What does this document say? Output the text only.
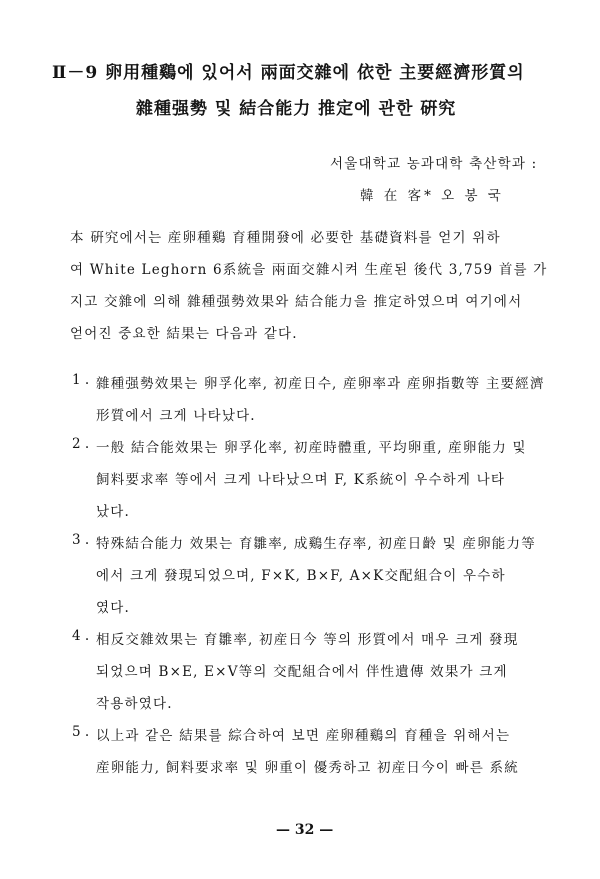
Ⅱ－9 卵用種鷄에 있어서 兩面交雜에 依한 主要經濟形質의
雜種强勢 및 結合能力 推定에 관한 硏究
서울대학교 농과대학 축산학과 :
韓 在 客* 오 봉 국
本 硏究에서는 産卵種鷄 育種開發에 必要한 基礎資料를 얻기 위하
여 White Leghorn 6系統을 兩面交雜시켜 生産된 後代 3,759 首를 가
지고 交雜에 의해 雜種强勢效果와 結合能力을 推定하였으며 여기에서
얻어진 중요한 結果는 다음과 같다.
1 . 雜種强勢效果는 卵孚化率, 初産日수, 産卵率과 産卵指數等 主要經濟
形質에서 크게 나타났다.
2 . 一般 結合能效果는 卵孚化率, 初産時體重, 平均卵重, 産卵能力 및
飼料要求率 等에서 크게 나타났으며 F, K系統이 우수하게 나타
났다.
3 . 特殊結合能力 效果는 育雛率, 成鷄生存率, 初産日齡 및 産卵能力等
에서 크게 發現되었으며, F×K, B×F, A×K交配組合이 우수하
였다.
4 . 相反交雜效果는 育雛率, 初産日今 等의 形質에서 매우 크게 發現
되었으며 B×E, E×V等의 交配組合에서 伴性遺傳 效果가 크게
작용하였다.
5 . 以上과 같은 結果를 綜合하여 보면 産卵種鷄의 育種을 위해서는
産卵能力, 飼料要求率 및 卵重이 優秀하고 初産日今이 빠른 系統
— 32 —
